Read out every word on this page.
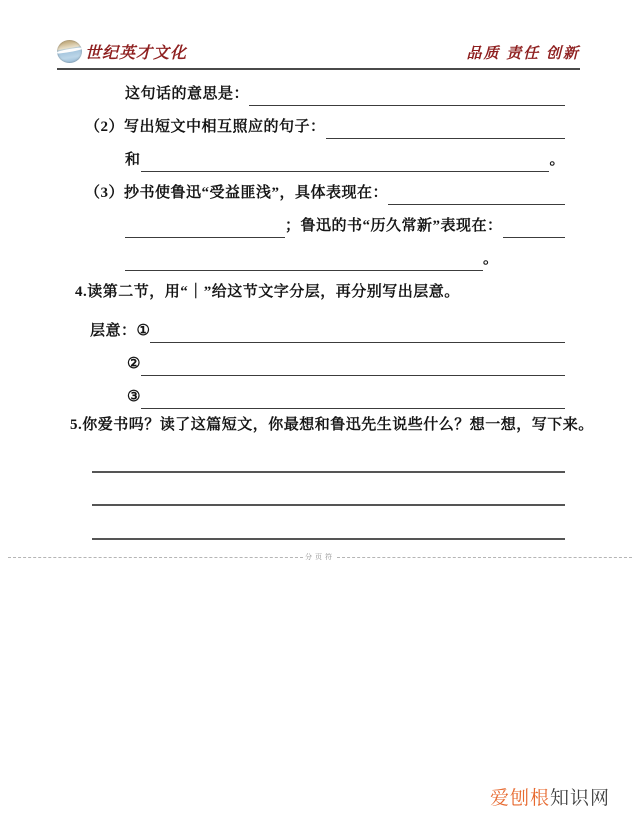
世纪英才文化	品质 责任 创新
这句话的意思是：
（2）写出短文中相互照应的句子：
和	。
（3）抄书使鲁迅“受益匪浅”，具体表现在：
；鲁迅的书“历久常新”表现在：
。
4.读第二节，用“｜”给这节文字分层，再分别写出层意。
层意： ①
②
③
5.你爱书吗？读了这篇短文，你最想和鲁迅先生说些什么？想一想，写下来。
分页符
爱刨根知识网
